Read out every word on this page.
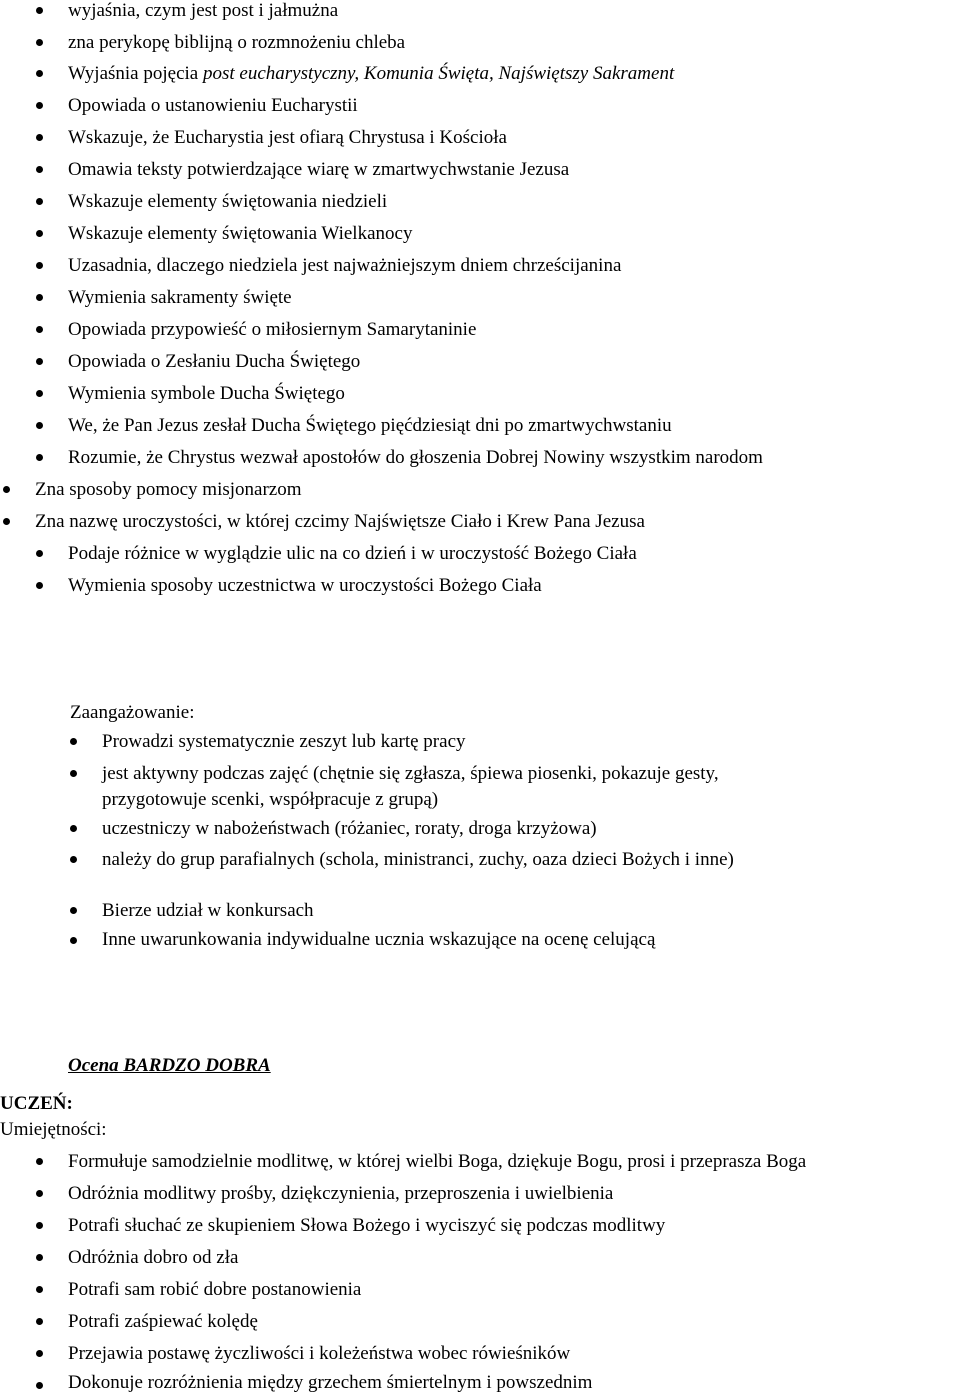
wyjaśnia, czym jest post i jałmużna
zna perykopę biblijną o rozmnożeniu chleba
Wyjaśnia pojęcia post eucharystyczny, Komunia Święta, Najświętszy Sakrament
Opowiada o ustanowieniu Eucharystii
Wskazuje, że Eucharystia jest ofiarą Chrystusa i Kościoła
Omawia teksty potwierdzające wiarę w zmartwychwstanie Jezusa
Wskazuje elementy świętowania niedzieli
Wskazuje elementy świętowania Wielkanocy
Uzasadnia, dlaczego niedziela jest najważniejszym dniem chrześcijanina
Wymienia sakramenty święte
Opowiada przypowieść o miłosiernym Samarytaninie
Opowiada o Zesłaniu Ducha Świętego
Wymienia symbole Ducha Świętego
We, że Pan Jezus zesłał Ducha Świętego pięćdziesiąt dni po zmartwychwstaniu
Rozumie, że Chrystus wezwał apostołów do głoszenia Dobrej Nowiny wszystkim narodom
Zna sposoby pomocy misjonarzom
Zna nazwę uroczystości, w której czcimy Najświętsze Ciało i Krew Pana Jezusa
Podaje różnice w wyglądzie ulic na co dzień i w uroczystość Bożego Ciała
Wymienia sposoby uczestnictwa w uroczystości Bożego Ciała
Zaangażowanie:
Prowadzi systematycznie zeszyt lub kartę pracy
jest aktywny podczas zajęć (chętnie się zgłasza, śpiewa piosenki, pokazuje gesty,
przygotowuje scenki, współpracuje z grupą)
uczestniczy w nabożeństwach (różaniec, roraty, droga krzyżowa)
należy do grup parafialnych (schola, ministranci, zuchy, oaza dzieci Bożych i inne)
Bierze udział w konkursach
Inne uwarunkowania indywidualne ucznia wskazujące na ocenę celującą
Ocena BARDZO DOBRA
UCZEŃ:
Umiejętności:
Formułuje samodzielnie modlitwę, w której wielbi Boga, dziękuje Bogu, prosi i przeprasza Boga
Odróżnia modlitwy prośby, dziękczynienia, przeproszenia i uwielbienia
Potrafi słuchać ze skupieniem Słowa Bożego i wyciszyć się podczas modlitwy
Odróżnia dobro od zła
Potrafi sam robić dobre postanowienia
Potrafi zaśpiewać kolędę
Przejawia postawę życzliwości i koleżeństwa wobec rówieśników
Dokonuje rozróżnienia między grzechem śmiertelnym i powszednim
